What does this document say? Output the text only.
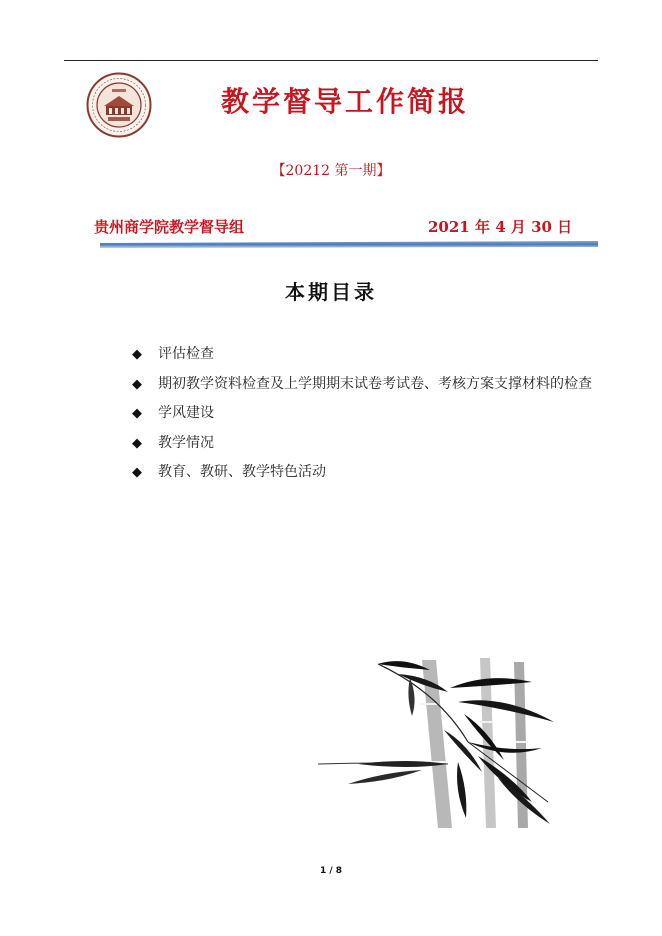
教学督导工作简报
【20212 第一期】
贵州商学院教学督导组	2021 年 4 月 30 日
本期目录
◆ 评估检查
◆ 期初教学资料检查及上学期期末试卷考试卷、考核方案支撑材料的检查
◆ 学风建设
◆ 教学情况
◆ 教育、教研、教学特色活动
1 / 8
